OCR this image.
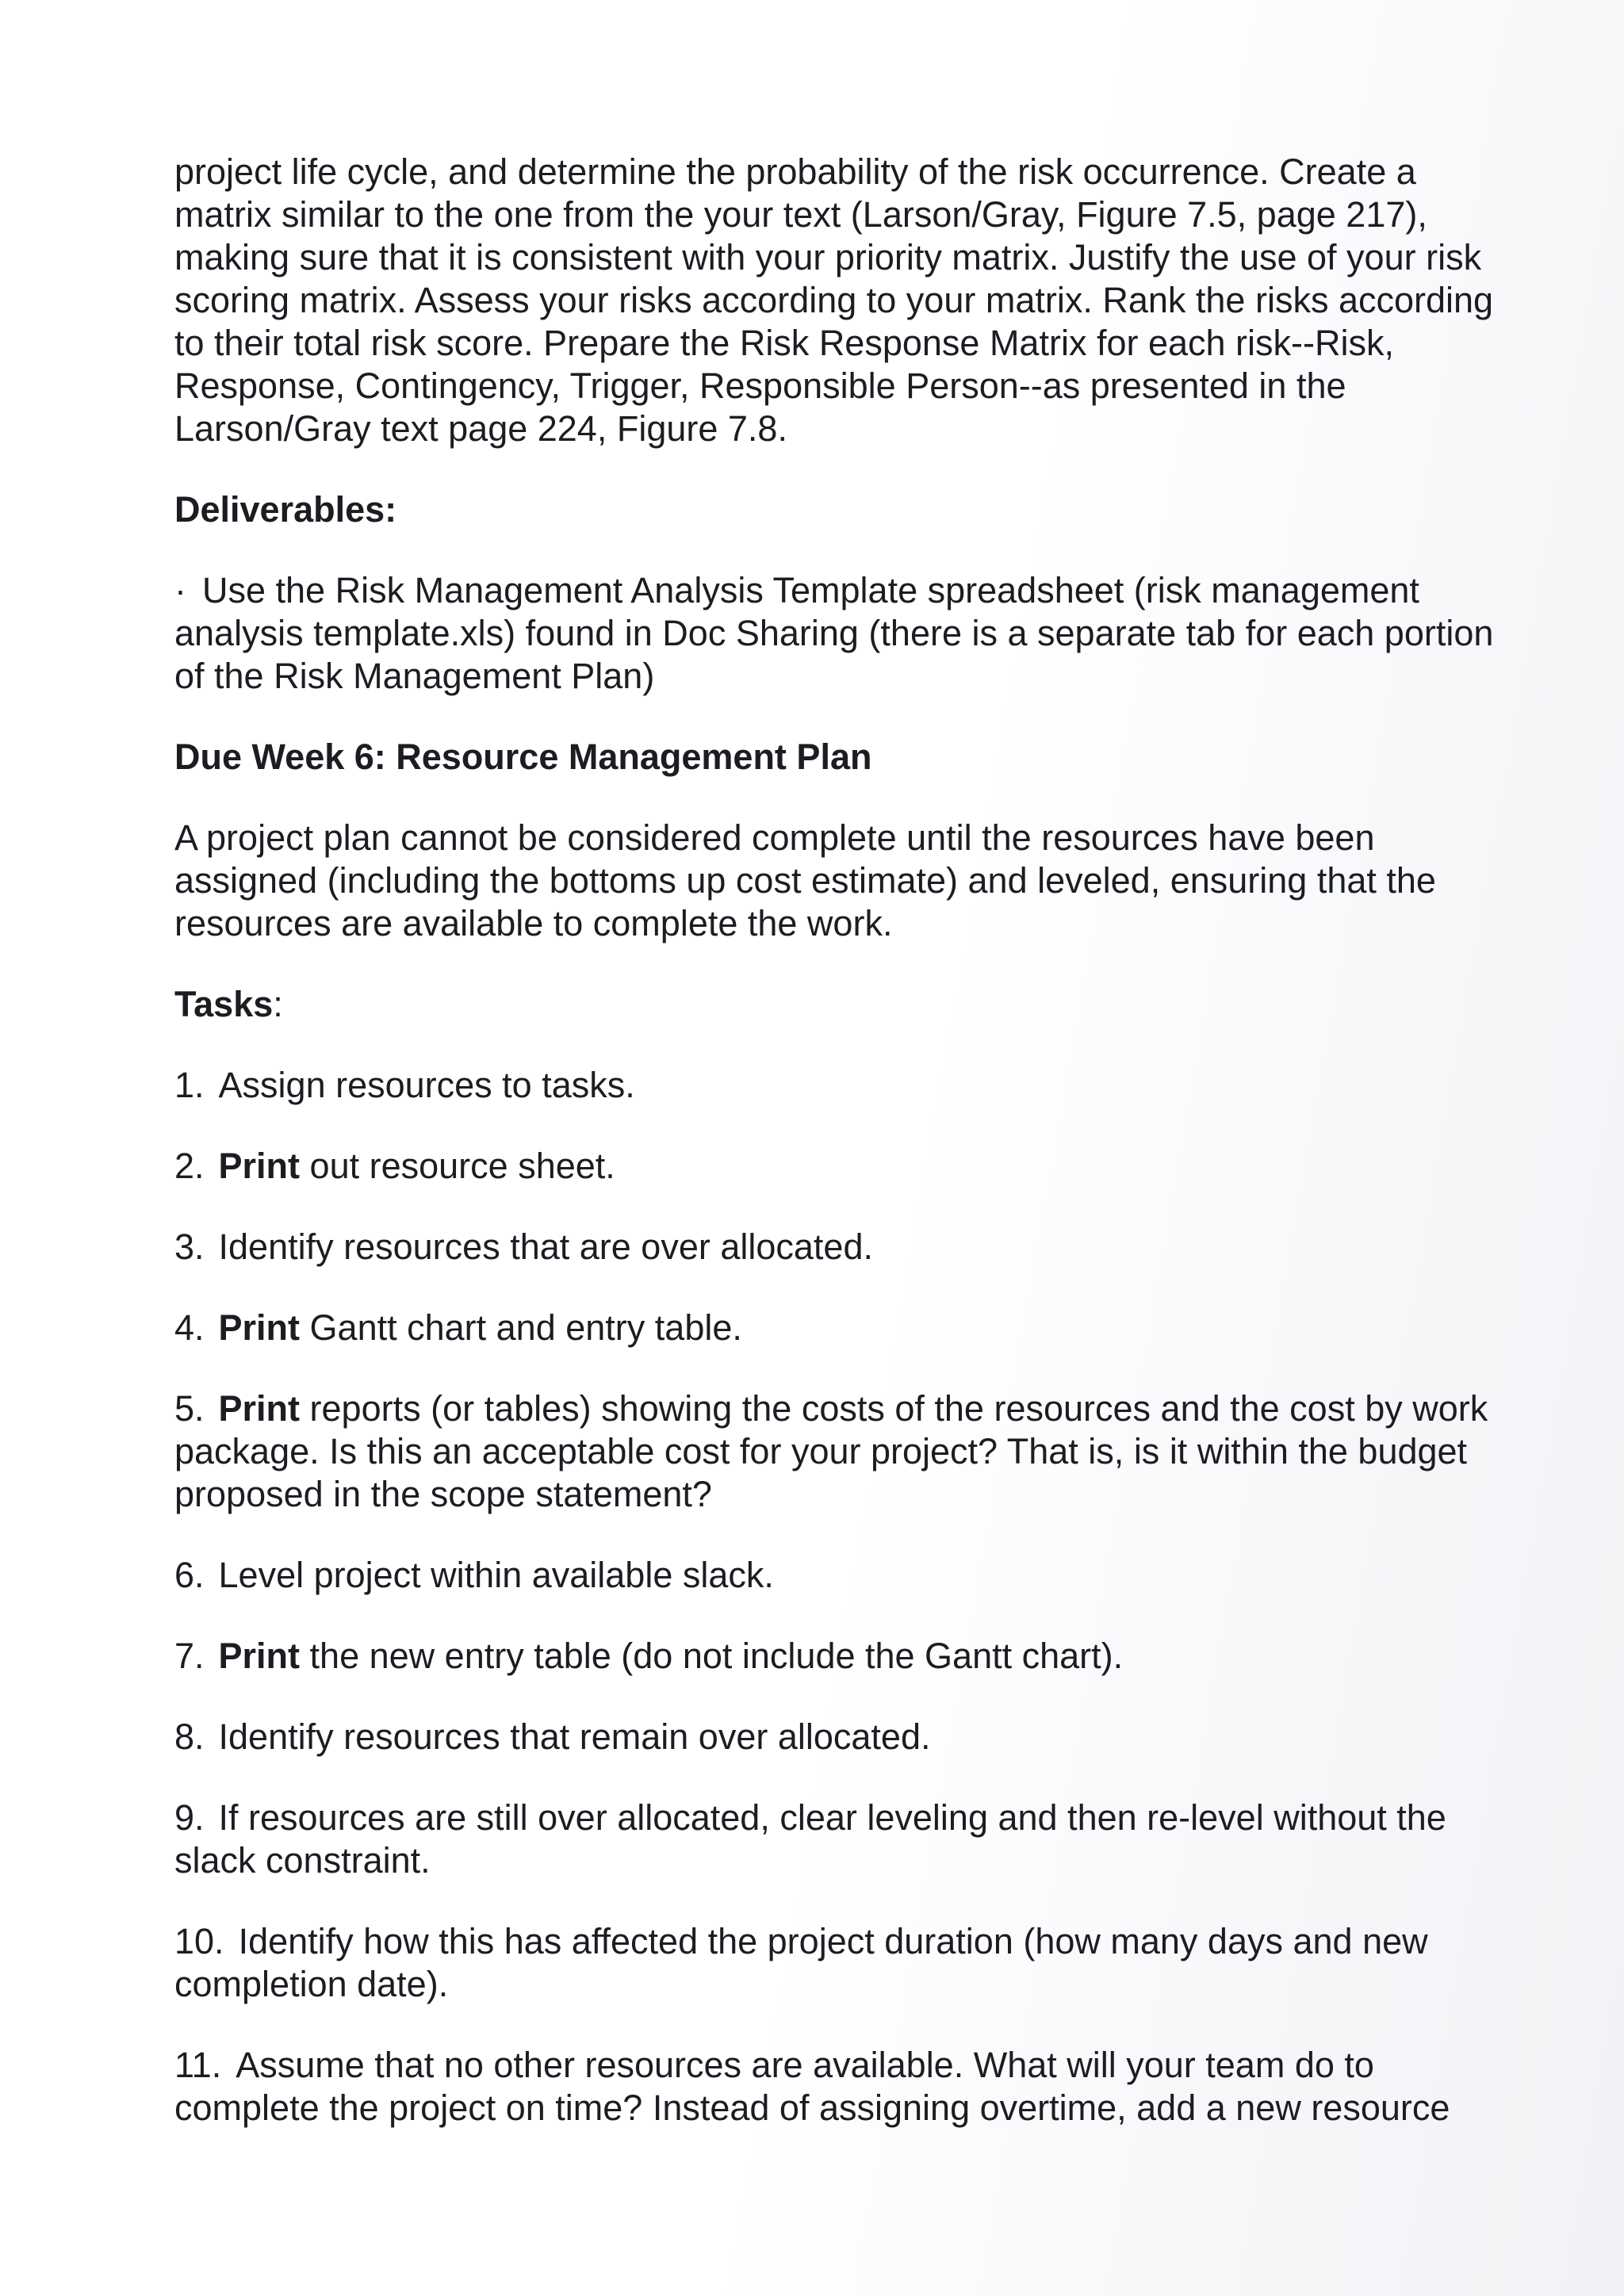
project life cycle, and determine the probability of the risk occurrence. Create a matrix similar to the one from the your text (Larson/Gray, Figure 7.5, page 217), making sure that it is consistent with your priority matrix. Justify the use of your risk scoring matrix. Assess your risks according to your matrix. Rank the risks according to their total risk score. Prepare the Risk Response Matrix for each risk--Risk, Response, Contingency, Trigger, Responsible Person--as presented in the Larson/Gray text page 224, Figure 7.8.

Deliverables:

· Use the Risk Management Analysis Template spreadsheet (risk management analysis template.xls) found in Doc Sharing (there is a separate tab for each portion of the Risk Management Plan)

Due Week 6: Resource Management Plan

A project plan cannot be considered complete until the resources have been assigned (including the bottoms up cost estimate) and leveled, ensuring that the resources are available to complete the work.

Tasks:

1. Assign resources to tasks.

2. Print out resource sheet.

3. Identify resources that are over allocated.

4. Print Gantt chart and entry table.

5. Print reports (or tables) showing the costs of the resources and the cost by work package. Is this an acceptable cost for your project? That is, is it within the budget proposed in the scope statement?

6. Level project within available slack.

7. Print the new entry table (do not include the Gantt chart).

8. Identify resources that remain over allocated.

9. If resources are still over allocated, clear leveling and then re-level without the slack constraint.

10. Identify how this has affected the project duration (how many days and new completion date).

11. Assume that no other resources are available. What will your team do to complete the project on time? Instead of assigning overtime, add a new resource
